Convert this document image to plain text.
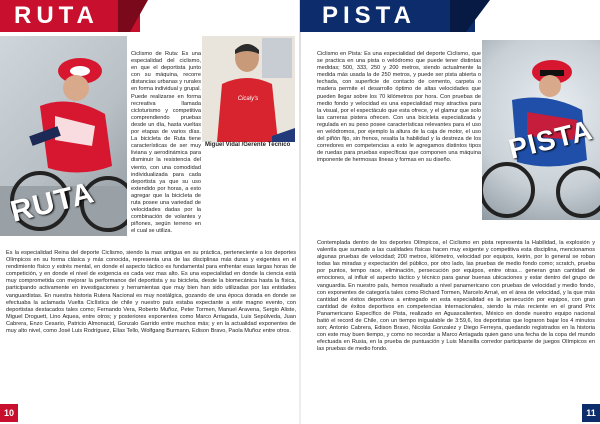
RUTA
RUTA
Ciclismo de Ruta: Es una especialidad del ciclismo, en que el deportista junto con su máquina, recorre distancias urbanas y rurales en forma individual y grupal. Puede realizarse en forma recreativa llamada cicloturismo y competitiva comprendiendo pruebas desde un día, hasta vueltas por etapas de varios días. La bicicleta de Ruta tiene características de ser muy liviana y aerodinámica para disminuir la resistencia del viento, con una comodidad individualizada para cada deportista ya que su uso extendido por horas, a esto agregar que la bicicleta de ruta posee una variedad de velocidades dadas por la combinación de volantes y piñones, según terreno en el cual se utiliza.
Cicaly's
Miguel Vidal /Gerente Técnico
Es la especialidad Reina del deporte Ciclismo, siendo la mas antigua en su práctica, perteneciente a los deportes Olímpicos en su forma clásica y más conocida, representa una de las disciplinas más duras y exigentes en el rendimiento físico y estrés mental, en donde el aspecto táctico es fundamental para enfrentar esas largas horas de competición, y en donde el nivel de exigencia es cada vez mas alto. Es una especialidad en donde la ciencia está muy comprometida con mejorar la performance del deportista y su bicicleta, desde la biomecánica hasta la física, participando activamente en investigaciones y herramientas que muy bien han sido utilizadas por las entidades vanguardistas. En nuestra historia Rutera Nacional es muy nostálgica, gozando de una época dorada en donde se efectuaba la aclamada Vuelta Ciclística de chile y nuestro país estaba expectante a este magno evento, con deportistas destacados tales como; Fernando Vera, Roberto Muñoz, Peter Tormen, Manuel Aravena, Sergio Aliste, Miguel Droguett, Lino Aquea, entre otros; y posteriores exponentes como Marco Arriagada, Luis Sepúlveda, Juan Cabrera, Enzo Cesario, Patricio Almonacid, Gonzalo Garrido entre muchos más; y en la actualidad exponentes de muy alto nivel, como José Luis Rodríguez, Elías Tello, Wolfgang Burmann, Edison Bravo, Paola Muñoz entre otros.
10
PISTA
Ciclismo en Pista: Es una especialidad del deporte Ciclismo, que se practica en una pista o velódromo que puede tener distintas medidas; 500, 333, 250 y 200 metros, siendo actualmente la medida más usada la de 250 metros, y puede ser pista abierta o techada, con superficie de contacto de cemento, carpeta o madera permite el desarrollo óptimo de altas velocidades que pueden llegar sobre los 70 kilómetros por hora. Con pruebas de medio fondo y velocidad es una especialidad muy atractiva para la visual, por el espectáculo que esta ofrece, y el glamur que solo las carreras pistera ofrecen. Con una bicicleta especializada y regulada en su peso posee características relevantes para el uso en velódromos, por ejemplo la altura de la caja de motor, el uso del piñón fijo, sin frenos, resalta la habilidad y la destreza de los corredores en competencias a esto le agregamos distintos tipos de ruedas para pruebas específicas que componen una máquina imponente de hermosas líneas y formas en su diseño.	PISTA
Contemplada dentro de los deportes Olímpicos, el Ciclismo en pista representa la Habilidad, la explosión y valentía que sumado a las cualidades físicas hacen muy exigente y competitiva esta disciplina, mencionamos algunas pruebas de velocidad; 200 metros, kilómetro, velocidad por equipos, keirin, por lo general se roban todas las miradas y expectación del público, por otro lado, las pruebas de medio fondo como; scratch, prueba por puntos, tempo race, eliminación, persecución por equipos, entre otras... generan gran cantidad de emociones, al influir el aspecto táctico y técnico para ganar buenas ubicaciones y estar dentro del grupo de vanguardia. En nuestro país, hemos resaltado a nivel panamericano con pruebas de velocidad y medio fondo, con exponentes de categoría tales como Richard Tormen, Marcelo Arrué, en el área de velocidad, y la que más cantidad de éxitos deportivos a entregado en esta especialidad es la persecución por equipos, con gran cantidad de éxitos deportivos en competencias internacionales, siendo la más reciente en el grand Prix Panamericano Específico de Pista, realizado en Aguascalientes, México en donde nuestro equipo nacional batió el record de Chile, con un tiempo inigualable de 3:59,6, los deportistas que lograron bajar los 4 minutos son; Antonio Cabrera, Edison Bravo, Nicolás Gonzalez y Diego Ferreyra, quedando registrados en la historia con este muy buen tiempo, y como no recordar a Marco Arriagada quien gano una fecha de la copa del mundo efectuada en Rusia, en la prueba de puntuación y Luis Mansilla corredor participante de juegos Olímpicos en las pruebas de medio fondo.
11
